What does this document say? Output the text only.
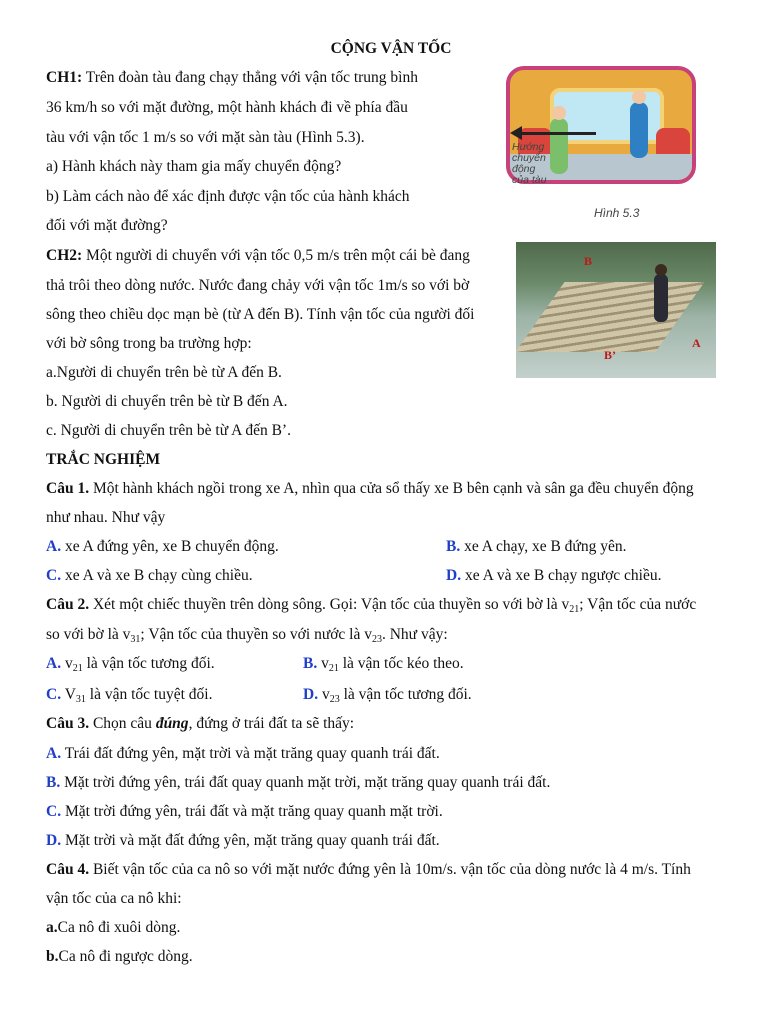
CỘNG VẬN TỐC
CH1: Trên đoàn tàu đang chạy thẳng với vận tốc trung bình
36 km/h so với mặt đường, một hành khách đi về phía đầu
tàu với vận tốc 1 m/s so với mặt sàn tàu (Hình 5.3).
a) Hành khách này tham gia mấy chuyển động?
b) Làm cách nào để xác định được vận tốc của hành khách
đối với mặt đường?
Hướng
chuyển
động
của tàu
Hình 5.3
CH2: Một người di chuyển với vận tốc 0,5 m/s trên một cái bè đang
thả trôi theo dòng nước. Nước đang chảy với vận tốc 1m/s so với bờ
sông theo chiều dọc mạn bè (từ A đến B). Tính vận tốc của người đối
với bờ sông trong ba trường hợp:
a.Người di chuyển trên bè từ A đến B.
b. Người di chuyển trên bè từ B đến A.
c. Người di chuyển trên bè từ A đến B’.
B
A
B’
TRẮC NGHIỆM
Câu 1. Một hành khách ngồi trong xe A, nhìn qua cửa sổ thấy xe B bên cạnh và sân ga đều chuyển động
như nhau. Như vậy
A. xe A đứng yên, xe B chuyển động.	B. xe A chạy, xe B đứng yên.
C. xe A và xe B chạy cùng chiều.	D. xe A và xe B chạy ngược chiều.
Câu 2. Xét một chiếc thuyền trên dòng sông. Gọi: Vận tốc của thuyền so với bờ là $v_{21}$; Vận tốc của nước
so với bờ là $v_{31}$; Vận tốc của thuyền so với nước là $v_{23}$. Như vậy:
A. $v_{21}$ là vận tốc tương đối.	B. $v_{21}$ là vận tốc kéo theo.
C. $V_{31}$ là vận tốc tuyệt đối.	D. $v_{23}$ là vận tốc tương đối.
Câu 3. Chọn câu đúng, đứng ở trái đất ta sẽ thấy:
A. Trái đất đứng yên, mặt trời và mặt trăng quay quanh trái đất.
B. Mặt trời đứng yên, trái đất quay quanh mặt trời, mặt trăng quay quanh trái đất.
C. Mặt trời đứng yên, trái đất và mặt trăng quay quanh mặt trời.
D. Mặt trời và mặt đất đứng yên, mặt trăng quay quanh trái đất.
Câu 4. Biết vận tốc của ca nô so với mặt nước đứng yên là 10m/s. vận tốc của dòng nước là 4 m/s. Tính
vận tốc của ca nô khi:
a.Ca nô đi xuôi dòng.
b.Ca nô đi ngược dòng.
